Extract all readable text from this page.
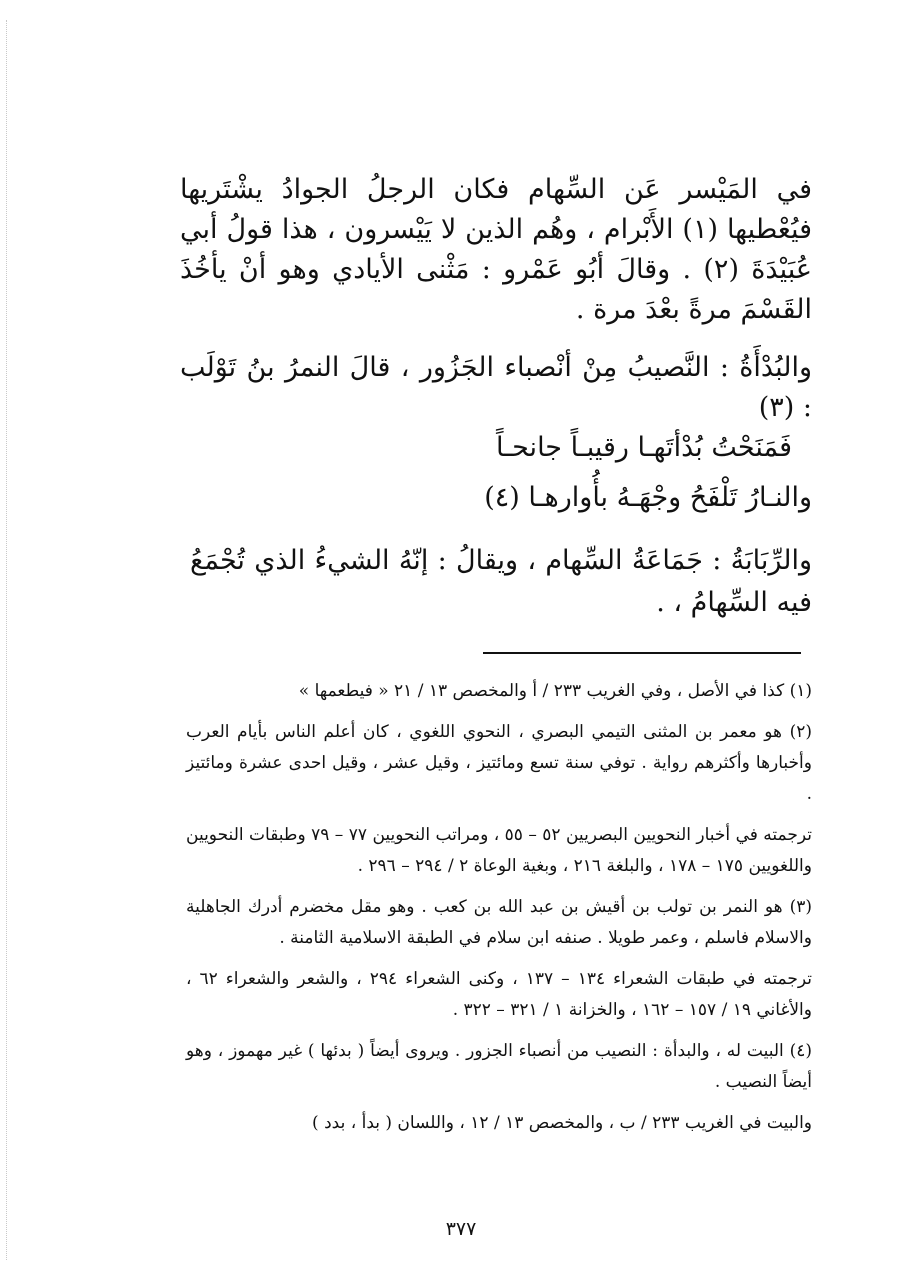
في المَيْسر عَن السِّهام فكان الرجلُ الجوادُ يشْتَريها فيُعْطيها (١) الأَبْرام ، وهُم الذين لا يَيْسرون ، هذا قولُ أبي عُبَيْدَةَ (٢) . وقالَ أبُو عَمْرو : مَثْنى الأيادي وهو أنْ يأخُذَ القَسْمَ مرةً بعْدَ مرة .

والبُدْأَةُ : النَّصيبُ مِنْ أنْصباء الجَزُور ، قالَ النمرُ بنُ تَوْلَب : (٣)

فَمَنَحْتُ بُدْأتَهـا رقيبـاً جانحـاً
والنـارُ تَلْفَحُ وجْهَـهُ بأُوارهـا (٤)

والرِّبَابَةُ : جَمَاعَةُ السِّهام ، ويقالُ : إنّهُ الشيءُ الذي تُجْمَعُ فيه السِّهامُ ، .

(١) كذا في الأصل ، وفي الغريب ٢٣٣ / أ والمخصص ١٣ / ٢١ « فيطعمها »

(٢) هو معمر بن المثنى التيمي البصري ، النحوي اللغوي ، كان أعلم الناس بأيام العرب وأخبارها وأكثرهم رواية . توفي سنة تسع ومائتيز ، وقيل عشر ، وقيل احدى عشرة ومائتيز .

ترجمته في أخبار النحويين البصريين ٥٢ – ٥٥ ، ومراتب النحويين ٧٧ – ٧٩ وطبقات النحويين واللغويين ١٧٥ – ١٧٨ ، والبلغة ٢١٦ ، وبغية الوعاة ٢ / ٢٩٤ – ٢٩٦ .

(٣) هو النمر بن تولب بن أقيش بن عبد الله بن كعب . وهو مقل مخضرم أدرك الجاهلية والاسلام فاسلم ، وعمر طويلا . صنفه ابن سلام في الطبقة الاسلامية الثامنة .

ترجمته في طبقات الشعراء ١٣٤ – ١٣٧ ، وكنى الشعراء ٢٩٤ ، والشعر والشعراء ٦٢ ، والأغاني ١٩ / ١٥٧ – ١٦٢ ، والخزانة ١ / ٣٢١ – ٣٢٢ .

(٤) البيت له ، والبدأة : النصيب من أنصباء الجزور . ويروى أيضاً ( بدئها ) غير مهموز ، وهو أيضاً النصيب .

والبيت في الغريب ٢٣٣ / ب ، والمخصص ١٣ / ١٢ ، واللسان ( بدأ ، بدد )

٣٧٧
